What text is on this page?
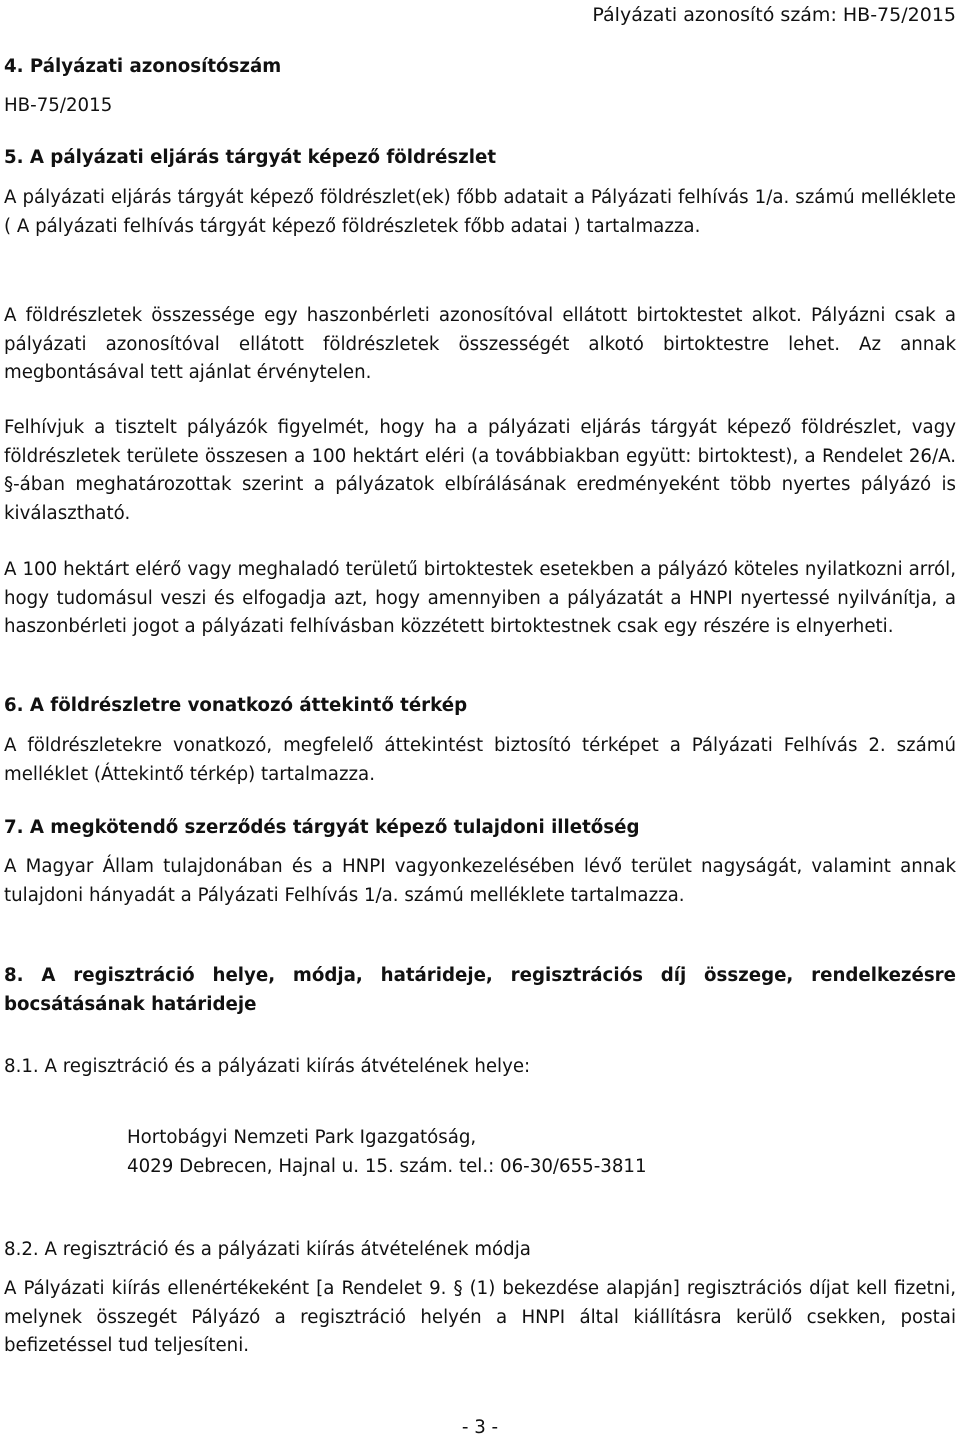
Pályázati azonosító szám: HB-75/2015

4. Pályázati azonosítószám

HB-75/2015

5. A pályázati eljárás tárgyát képező földrészlet

A pályázati eljárás tárgyát képező földrészlet(ek) főbb adatait a Pályázati felhívás 1/a. számú melléklete ( A pályázati felhívás tárgyát képező földrészletek főbb adatai ) tartalmazza.

A földrészletek összessége egy haszonbérleti azonosítóval ellátott birtoktestet alkot. Pályázni csak a pályázati azonosítóval ellátott földrészletek összességét alkotó birtoktestre lehet. Az annak megbontásával tett ajánlat érvénytelen.

Felhívjuk a tisztelt pályázók figyelmét, hogy ha a pályázati eljárás tárgyát képező földrészlet, vagy földrészletek területe összesen a 100 hektárt eléri (a továbbiakban együtt: birtoktest), a Rendelet 26/A. §-ában meghatározottak szerint a pályázatok elbírálásának eredményeként több nyertes pályázó is kiválasztható.

A 100 hektárt elérő vagy meghaladó területű birtoktestek esetekben a pályázó köteles nyilatkozni arról, hogy tudomásul veszi és elfogadja azt, hogy amennyiben a pályázatát a HNPI nyertessé nyilvánítja, a haszonbérleti jogot a pályázati felhívásban közzétett birtoktestnek csak egy részére is elnyerheti.

6. A földrészletre vonatkozó áttekintő térkép

A földrészletekre vonatkozó, megfelelő áttekintést biztosító térképet a Pályázati Felhívás 2. számú melléklet (Áttekintő térkép) tartalmazza.

7. A megkötendő szerződés tárgyát képező tulajdoni illetőség

A Magyar Állam tulajdonában és a HNPI vagyonkezelésében lévő terület nagyságát, valamint annak tulajdoni hányadát a Pályázati Felhívás 1/a. számú melléklete tartalmazza.

8. A regisztráció helye, módja, határideje, regisztrációs díj összege, rendelkezésre bocsátásának határideje

8.1. A regisztráció és a pályázati kiírás átvételének helye:

Hortobágyi Nemzeti Park Igazgatóság,

4029 Debrecen, Hajnal u. 15. szám. tel.: 06-30/655-3811

8.2. A regisztráció és a pályázati kiírás átvételének módja

A Pályázati kiírás ellenértékeként [a Rendelet 9. § (1) bekezdése alapján] regisztrációs díjat kell fizetni, melynek összegét Pályázó a regisztráció helyén a HNPI által kiállításra kerülő csekken, postai befizetéssel tud teljesíteni.

- 3 -
